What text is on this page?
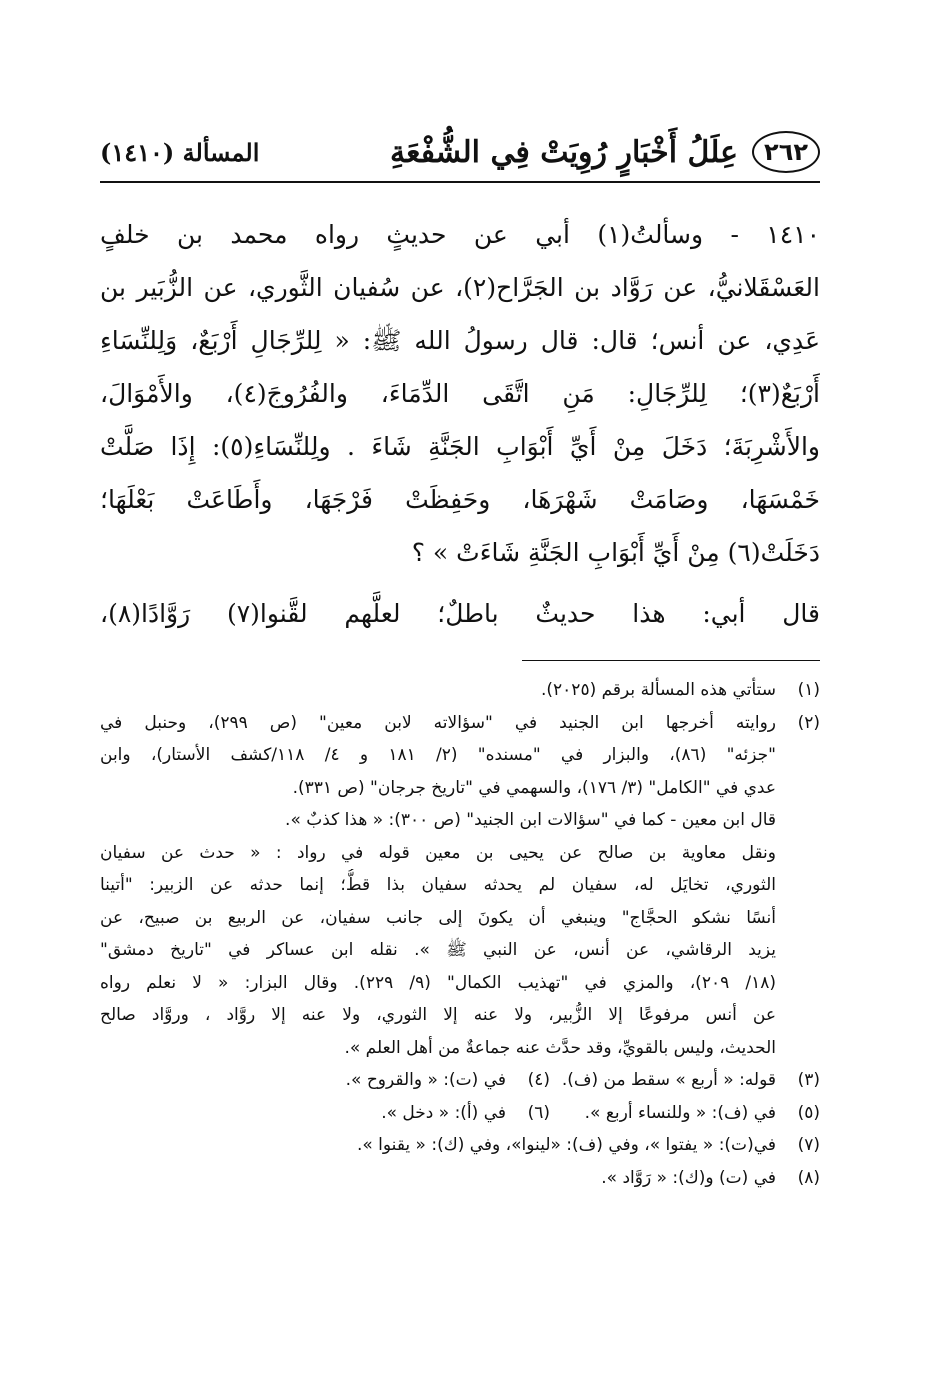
٢٦٢
عِلَلُ أَخْبَارٍ رُوِيَتْ فِي الشُّفْعَةِ
المسألة (١٤١٠)

١٤١٠ - وسألتُ(١) أبي عن حديثٍ رواه محمد بن خلفٍ
العَسْقَلانيُّ، عن رَوَّاد بن الجَرَّاح(٢)، عن سُفيان الثَّوري، عن الزُّبَير بن
عَدِي، عن أنس؛ قال: قال رسولُ الله ﷺ: « لِلرِّجَالِ أَرْبَعٌ، وَلِلنِّسَاءِ
أَرْبَعٌ(٣)؛ لِلرِّجَالِ: مَنِ اتَّقَى الدِّمَاءَ، والفُرُوجَ(٤)، والأَمْوَالَ،
والأَشْرِبَةَ؛ دَخَلَ مِنْ أَيِّ أَبْوَابِ الجَنَّةِ شَاءَ . ولِلنِّسَاءِ(٥): إِذَا صَلَّتْ
خَمْسَهَا، وصَامَتْ شَهْرَهَا، وحَفِظَتْ فَرْجَهَا، وأَطَاعَتْ بَعْلَهَا؛
دَخَلَتْ(٦) مِنْ أَيِّ أَبْوَابِ الجَنَّةِ شَاءَتْ » ؟

قال أبي: هذا حديثٌ باطلٌ؛ لعلَّهم لقَّنوا(٧) رَوَّادًا(٨)،

(١)
ستأتي هذه المسألة برقم (٢٠٢٥).
(٢)
روايته أخرجها ابن الجنيد في "سؤالاته لابن معين" (ص ٢٩٩)، وحنبل في
"جزئه" (٨٦)، والبزار في "مسنده" (٢/ ١٨١ و ٤/ ١١٨/كشف الأستار)، وابن
عدي في "الكامل" (٣/ ١٧٦)، والسهمي في "تاريخ جرجان" (ص ٣٣١).
قال ابن معين - كما في "سؤالات ابن الجنيد" (ص ٣٠٠): « هذا كذبٌ ».
ونقل معاوية بن صالح عن يحيى بن معين قوله في رواد : « حدث عن سفيان
الثوري، تخايَل له، سفيان لم يحدثه سفيان بذا قطُّ؛ إنما حدثه عن الزبير: "أتينا
أنسًا نشكو الحجَّاج" وينبغي أن يكونَ إلى جانب سفيان، عن الربيع بن صبيح، عن
يزيد الرقاشي، عن أنس، عن النبي ﷺ ». نقله ابن عساكر في "تاريخ دمشق"
(١٨/ ٢٠٩)، والمزي في "تهذيب الكمال" (٩/ ٢٢٩). وقال البزار: « لا نعلم رواه
عن أنس مرفوعًا إلا الزُّبير، ولا عنه إلا الثوري، ولا عنه إلا روَّاد ، وروَّاد صالح
الحديث، وليس بالقويِّ، وقد حدَّث عنه جماعةٌ من أهل العلم ».
(٣)
قوله: « أربع » سقط من (ف).
(٤)
في (ت): « والقروح ».
(٥)
في (ف): « وللنساء أربع ».
(٦)
في (أ): « دخل ».
(٧)
في(ت): « يفتوا »، وفي (ف): «لينوا»، وفي (ك): « يقنوا ».
(٨)
في (ت) و(ك): « رَوَّاد ».
